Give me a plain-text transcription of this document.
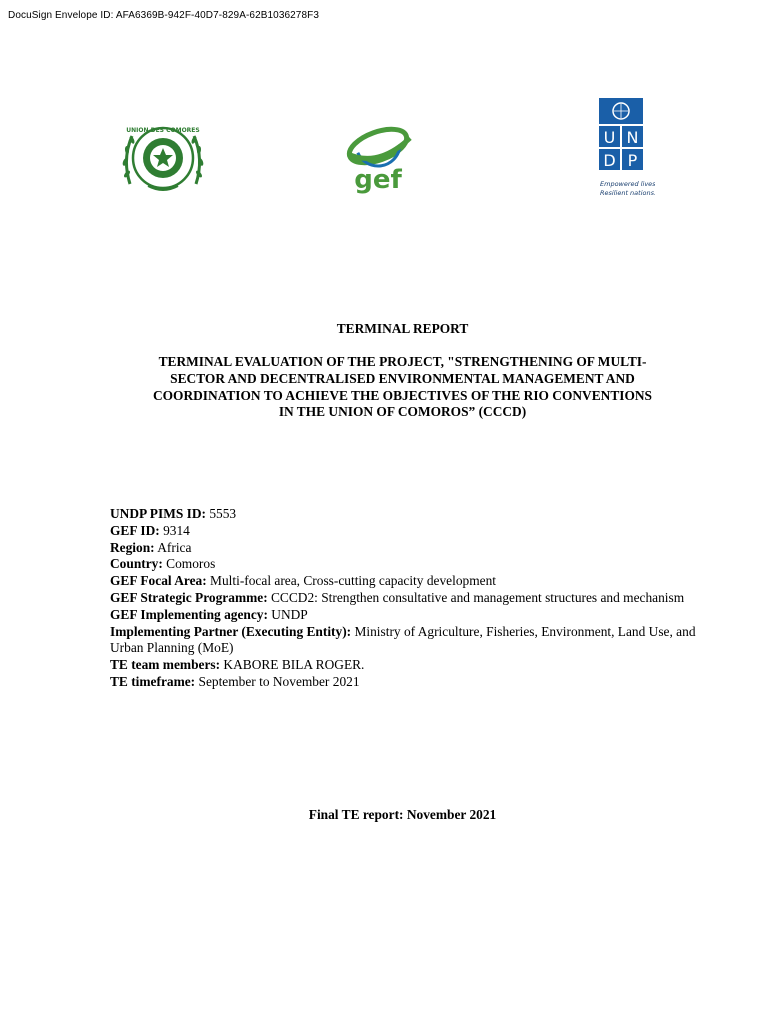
DocuSign Envelope ID: AFA6369B-942F-40D7-829A-62B1036278F3
UNION DES COMORES
gef
U N
D P
Empowered lives.
Resilient nations.
TERMINAL REPORT
TERMINAL EVALUATION OF THE PROJECT, "STRENGTHENING OF MULTI-
SECTOR AND DECENTRALISED ENVIRONMENTAL MANAGEMENT AND
COORDINATION TO ACHIEVE THE OBJECTIVES OF THE RIO CONVENTIONS
IN THE UNION OF COMOROS” (CCCD)

UNDP PIMS ID: 5553

GEF ID: 9314

Region: Africa

Country: Comoros

GEF Focal Area: Multi-focal area, Cross-cutting capacity development

GEF Strategic Programme: CCCD2: Strengthen consultative and management structures and mechanism

GEF Implementing agency: UNDP

Implementing Partner (Executing Entity): Ministry of Agriculture, Fisheries, Environment, Land Use, and Urban Planning (MoE)

TE team members: KABORE BILA ROGER.

TE timeframe: September to November 2021

Final TE report: November 2021
